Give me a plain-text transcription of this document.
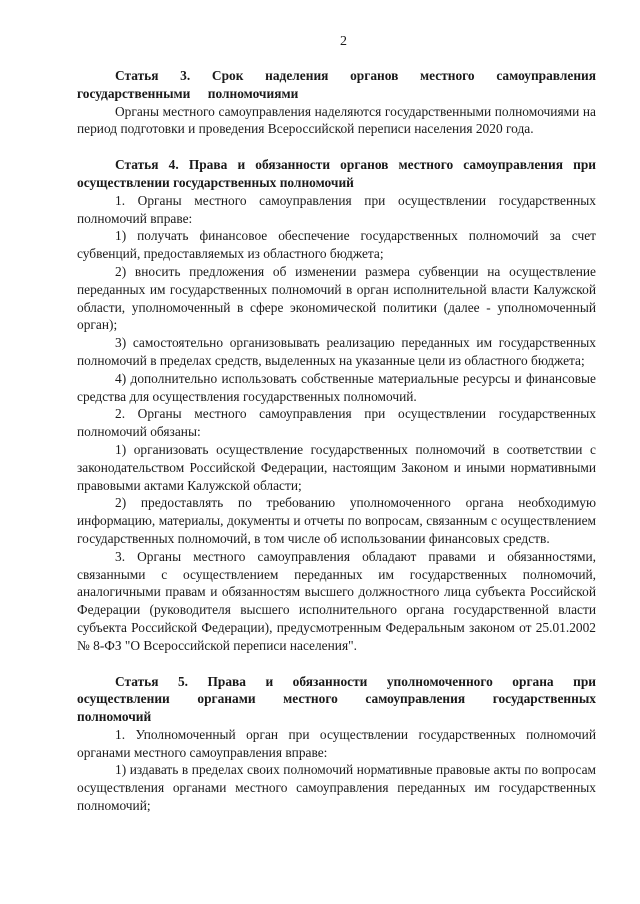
2

Статья 3. Срок наделения органов местного самоуправления государственными полномочиями

Органы местного самоуправления наделяются государственными полномочиями на период подготовки и проведения Всероссийской переписи населения 2020 года.

Статья 4. Права и обязанности органов местного самоуправления при осуществлении государственных полномочий

1. Органы местного самоуправления при осуществлении государственных полномочий вправе:

1) получать финансовое обеспечение государственных полномочий за счет субвенций, предоставляемых из областного бюджета;

2) вносить предложения об изменении размера субвенции на осуществление переданных им государственных полномочий в орган исполнительной власти Калужской области, уполномоченный в сфере экономической политики (далее - уполномоченный орган);

3) самостоятельно организовывать реализацию переданных им государственных полномочий в пределах средств, выделенных на указанные цели из областного бюджета;

4) дополнительно использовать собственные материальные ресурсы и финансовые средства для осуществления государственных полномочий.

2. Органы местного самоуправления при осуществлении государственных полномочий обязаны:

1) организовать осуществление государственных полномочий в соответствии с законодательством Российской Федерации, настоящим Законом и иными нормативными правовыми актами Калужской области;

2) предоставлять по требованию уполномоченного органа необходимую информацию, материалы, документы и отчеты по вопросам, связанным с осуществлением государственных полномочий, в том числе об использовании финансовых средств.

3. Органы местного самоуправления обладают правами и обязанностями, связанными с осуществлением переданных им государственных полномочий, аналогичными правам и обязанностям высшего должностного лица субъекта Российской Федерации (руководителя высшего исполнительного органа государственной власти субъекта Российской Федерации), предусмотренным Федеральным законом от 25.01.2002 № 8-ФЗ "О Всероссийской переписи населения".

Статья 5. Права и обязанности уполномоченного органа при осуществлении органами местного самоуправления государственных полномочий

1. Уполномоченный орган при осуществлении государственных полномочий органами местного самоуправления вправе:

1) издавать в пределах своих полномочий нормативные правовые акты по вопросам осуществления органами местного самоуправления переданных им государственных полномочий;
